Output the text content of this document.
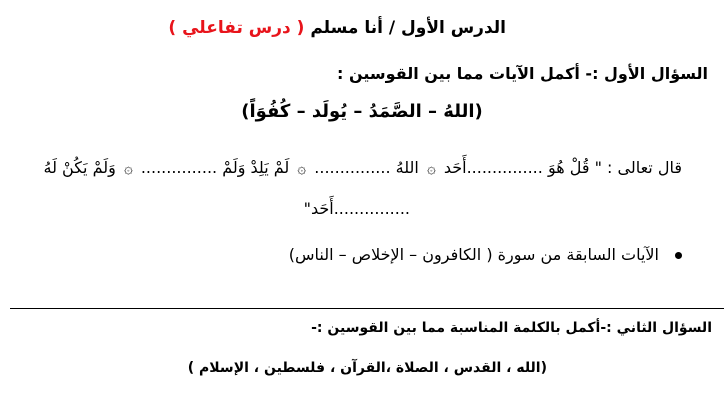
الدرس الأول / أنا مسلم ( درس تفاعلي )
السؤال الأول :- أكمل الآيات مما بين القوسين :
(اللهُ – الصَّمَدُ – يُولَد – كُفُوَاً)
قال تعالى : " قُلْ هُوَ ...............أَحَد ۞ اللهُ ............... ۞ لَمْ يَلِدْ وَلَمْ ............... ۞ وَلَمْ يَكُنْ لَهُ
...............أَحَد"
الآيات السابقة من سورة ( الكافرون – الإخلاص – الناس)
السؤال الثاني :-أكمل بالكلمة المناسبة مما بين القوسين :-
(الله ، القدس ، الصلاة ،القرآن ، فلسطين ، الإسلام )
